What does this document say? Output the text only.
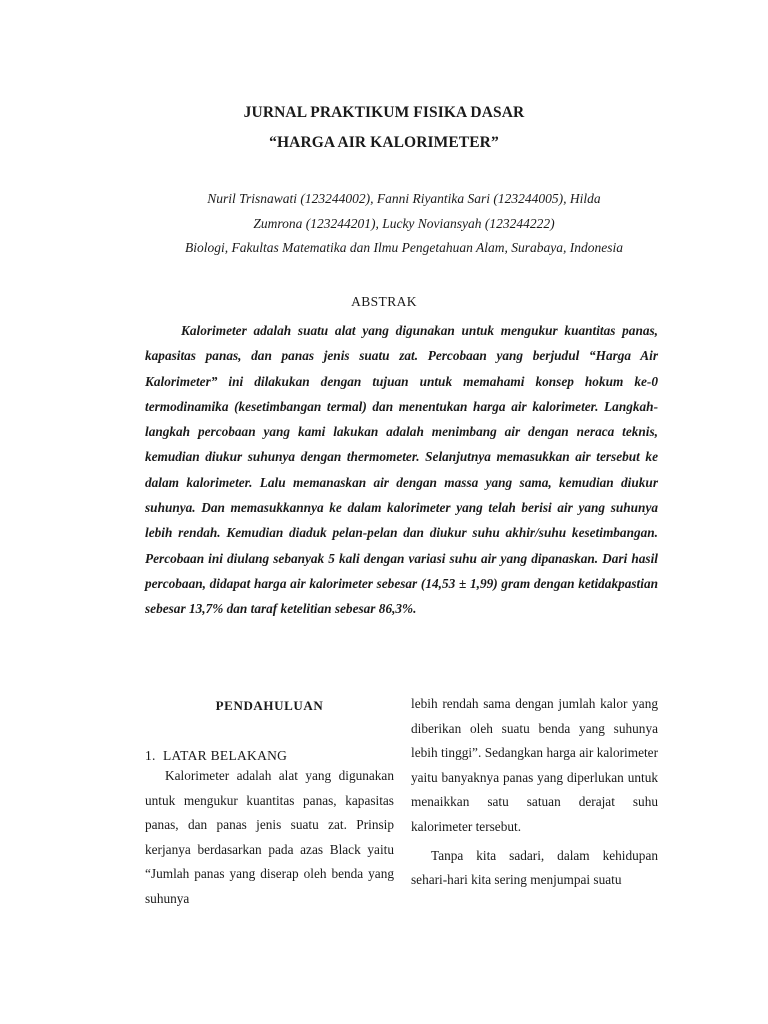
JURNAL PRAKTIKUM FISIKA DASAR
“HARGA AIR KALORIMETER”
Nuril Trisnawati (123244002), Fanni Riyantika Sari (123244005), Hilda
Zumrona (123244201), Lucky Noviansyah (123244222)
Biologi, Fakultas Matematika dan Ilmu Pengetahuan Alam, Surabaya, Indonesia
ABSTRAK

Kalorimeter adalah suatu alat yang digunakan untuk mengukur kuantitas panas, kapasitas panas, dan panas jenis suatu zat. Percobaan yang berjudul “Harga Air Kalorimeter” ini dilakukan dengan tujuan untuk memahami konsep hokum ke-0 termodinamika (kesetimbangan termal) dan menentukan harga air kalorimeter. Langkah-langkah percobaan yang kami lakukan adalah menimbang air dengan neraca teknis, kemudian diukur suhunya dengan thermometer. Selanjutnya memasukkan air tersebut ke dalam kalorimeter. Lalu memanaskan air dengan massa yang sama, kemudian diukur suhunya. Dan memasukkannya ke dalam kalorimeter yang telah berisi air yang suhunya lebih rendah. Kemudian diaduk pelan-pelan dan diukur suhu akhir/suhu kesetimbangan. Percobaan ini diulang sebanyak 5 kali dengan variasi suhu air yang dipanaskan. Dari hasil percobaan, didapat harga air kalorimeter sebesar (14,53 ± 1,99) gram dengan ketidakpastian sebesar 13,7% dan taraf ketelitian sebesar 86,3%.

PENDAHULUAN
1. LATAR BELAKANG

Kalorimeter adalah alat yang digunakan untuk mengukur kuantitas panas, kapasitas panas, dan panas jenis suatu zat. Prinsip kerjanya berdasarkan pada azas Black yaitu “Jumlah panas yang diserap oleh benda yang suhunya

lebih rendah sama dengan jumlah kalor yang diberikan oleh suatu benda yang suhunya lebih tinggi”. Sedangkan harga air kalorimeter yaitu banyaknya panas yang diperlukan untuk menaikkan satu satuan derajat suhu kalorimeter tersebut.

Tanpa kita sadari, dalam kehidupan sehari-hari kita sering menjumpai suatu
